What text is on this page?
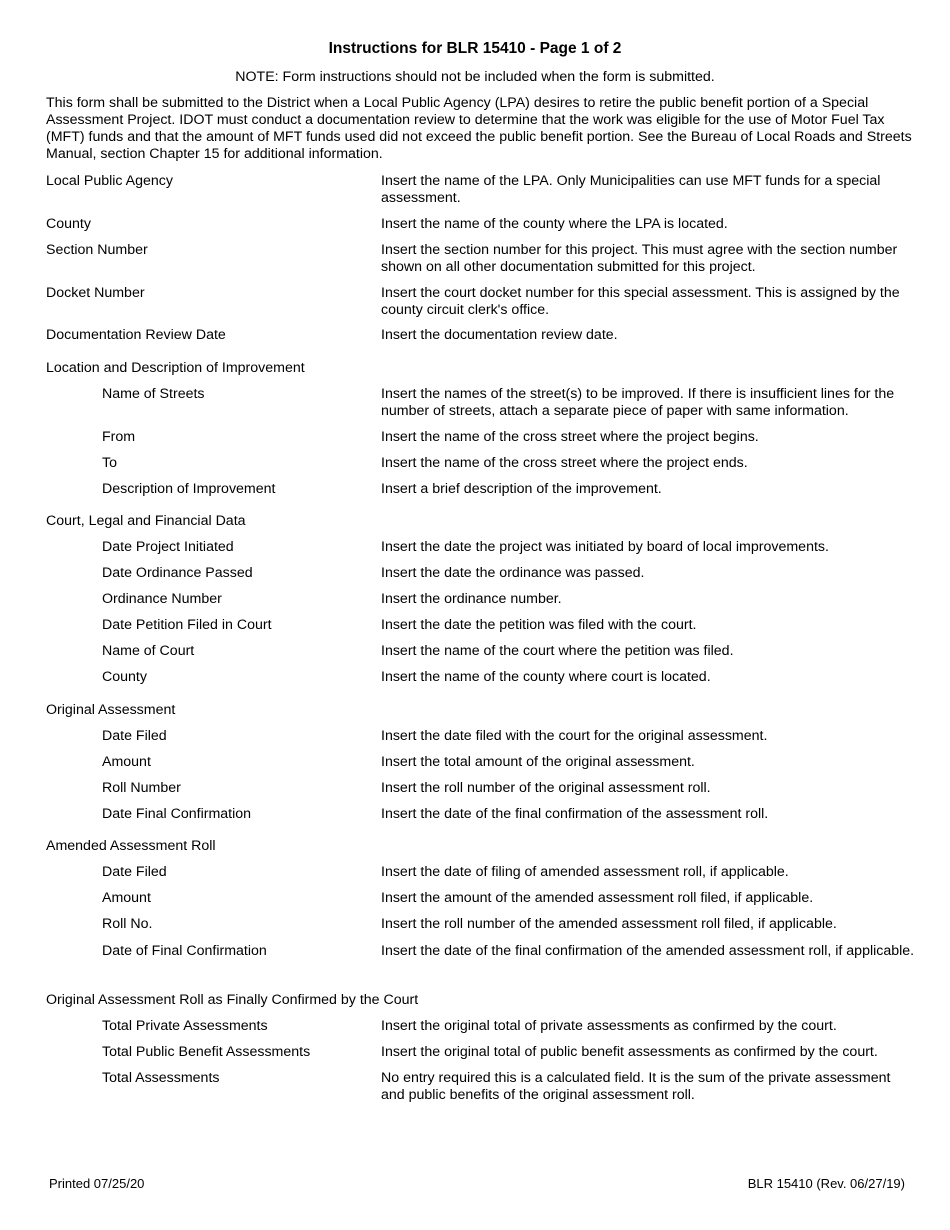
Instructions for BLR 15410 - Page 1 of 2
NOTE: Form instructions should not be included when the form is submitted.
This form shall be submitted to the District when a Local Public Agency (LPA) desires to retire the public benefit portion of a Special Assessment Project. IDOT must conduct a documentation review to determine that the work was eligible for the use of Motor Fuel Tax (MFT) funds and that the amount of MFT funds used did not exceed the public benefit portion. See the Bureau of Local Roads and Streets Manual, section Chapter 15 for additional information.
Local Public Agency	Insert the name of the LPA. Only Municipalities can use MFT funds for a special assessment.
County	Insert the name of the county where the LPA is located.
Section Number	Insert the section number for this project. This must agree with the section number shown on all other documentation submitted for this project.
Docket Number	Insert the court docket number for this special assessment. This is assigned by the county circuit clerk's office.
Documentation Review Date	Insert the documentation review date.
Location and Description of Improvement
Name of Streets	Insert the names of the street(s) to be improved. If there is insufficient lines for the number of streets, attach a separate piece of paper with same information.
From	Insert the name of the cross street where the project begins.
To	Insert the name of the cross street where the project ends.
Description of Improvement	Insert a brief description of the improvement.
Court, Legal and Financial Data
Date Project Initiated	Insert the date the project was initiated by board of local improvements.
Date Ordinance Passed	Insert the date the ordinance was passed.
Ordinance Number	Insert the ordinance number.
Date Petition Filed in Court	Insert the date the petition was filed with the court.
Name of Court	Insert the name of the court where the petition was filed.
County	Insert the name of the county where court is located.
Original Assessment
Date Filed	Insert the date filed with the court for the original assessment.
Amount	Insert the total amount of the original assessment.
Roll Number	Insert the roll number of the original assessment roll.
Date Final Confirmation	Insert the date of the final confirmation of the assessment roll.
Amended Assessment Roll
Date Filed	Insert the date of filing of amended assessment roll, if applicable.
Amount	Insert the amount of the amended assessment roll filed, if applicable.
Roll No.	Insert the roll number of the amended assessment roll filed, if applicable.
Date of Final Confirmation	Insert the date of the final confirmation of the amended assessment roll, if applicable.
Original Assessment Roll as Finally Confirmed by the Court
Total Private Assessments	Insert the original total of private assessments as confirmed by the court.
Total Public Benefit Assessments	Insert the original total of public benefit assessments as confirmed by the court.
Total Assessments	No entry required this is a calculated field. It is the sum of the private assessment and public benefits of the original assessment roll.
Printed 07/25/20	BLR 15410 (Rev. 06/27/19)
